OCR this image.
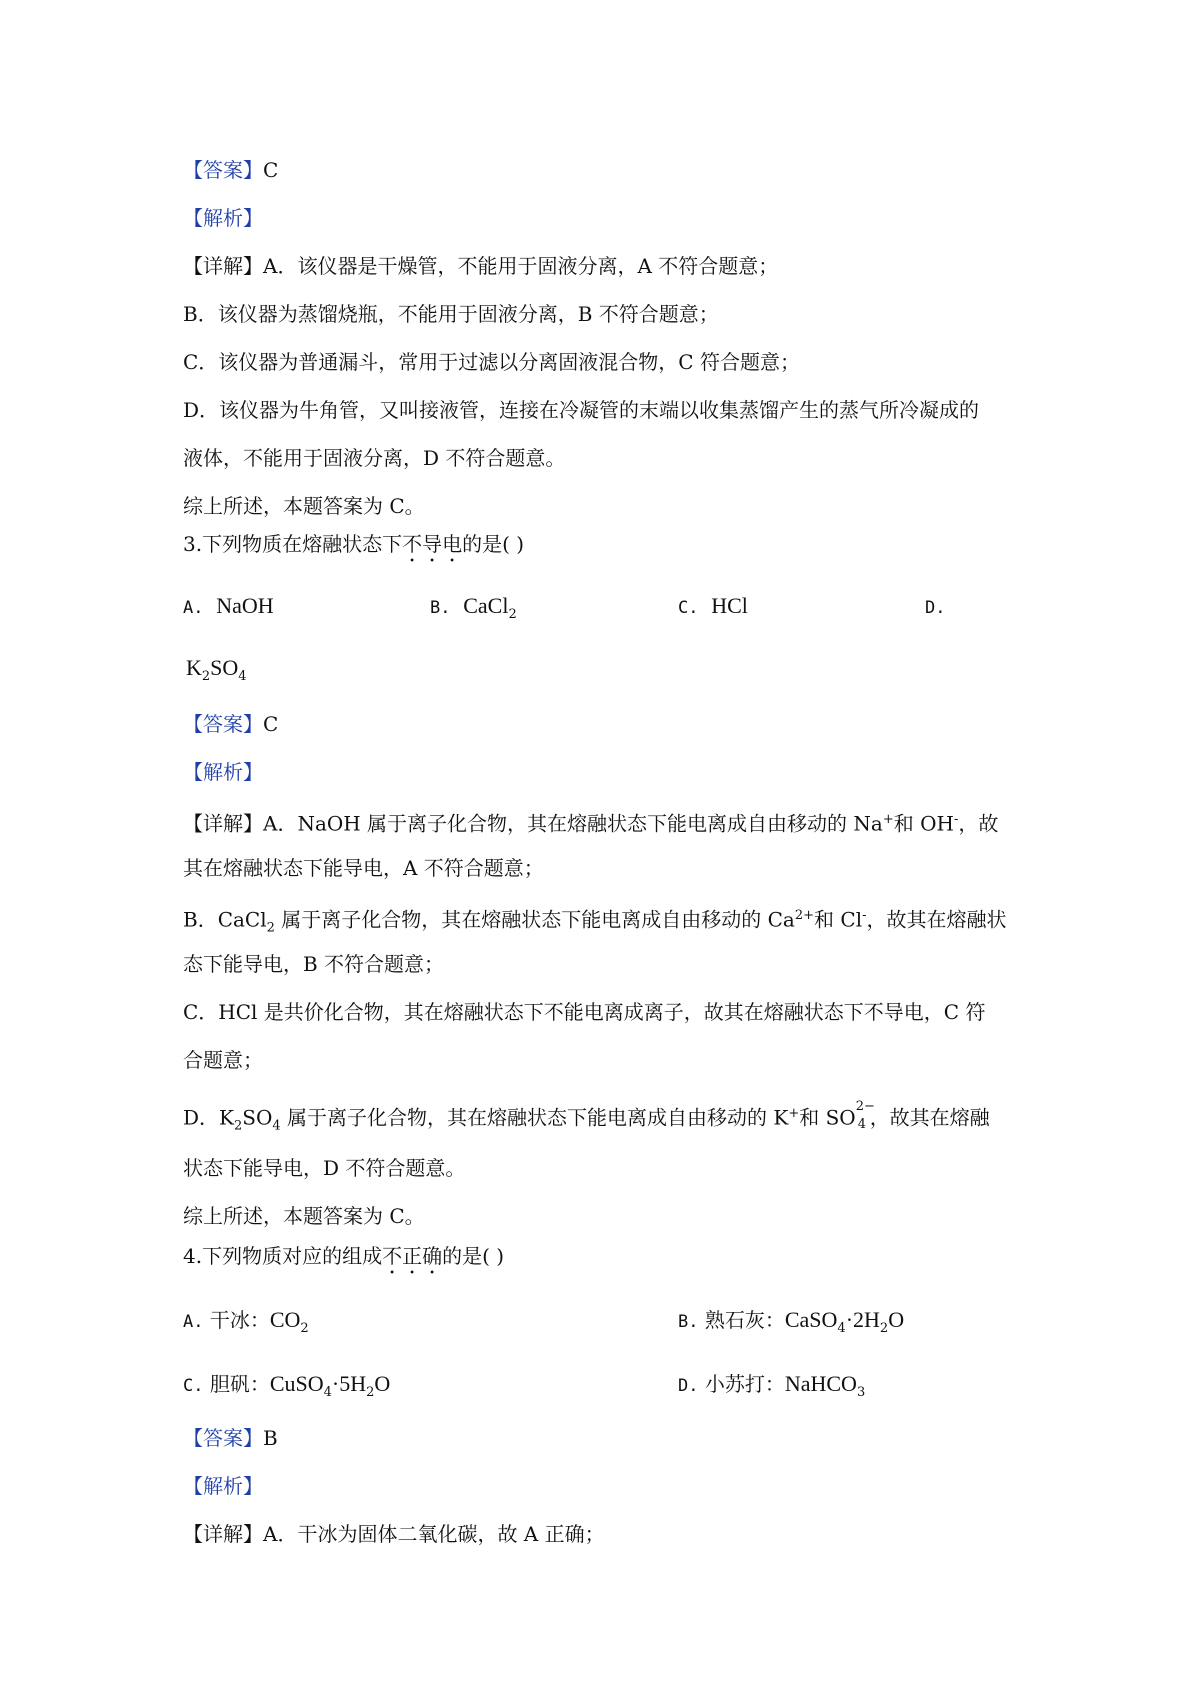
【答案】C
【解析】
【详解】A．该仪器是干燥管，不能用于固液分离，A 不符合题意；
B．该仪器为蒸馏烧瓶，不能用于固液分离，B 不符合题意；
C．该仪器为普通漏斗，常用于过滤以分离固液混合物，C 符合题意；
D．该仪器为牛角管，又叫接液管，连接在冷凝管的末端以收集蒸馏产生的蒸气所冷凝成的
液体，不能用于固液分离，D 不符合题意。
综上所述，本题答案为 C。
3.下列物质在熔融状态下不导电的是( )
A. NaOH	B. CaCl$_2$	C. HCl	D.
$K_2SO_4$
【答案】C
【解析】
【详解】A．NaOH 属于离子化合物，其在熔融状态下能电离成自由移动的 Na+和 OH-，故
其在熔融状态下能导电，A 不符合题意；
B．CaCl$_2$ 属于离子化合物，其在熔融状态下能电离成自由移动的 $Ca^{2+}$和 Cl-，故其在熔融状
态下能导电，B 不符合题意；
C．HCl 是共价化合物，其在熔融状态下不能电离成离子，故其在熔融状态下不导电，C 符
合题意；
D．$K_2SO_4$ 属于离子化合物，其在熔融状态下能电离成自由移动的 K+和 SO 2−
4 ，故其在熔融
状态下能导电，D 不符合题意。
综上所述，本题答案为 C。
4.下列物质对应的组成不正确的是( )
A. 干冰：$CO_2$	B. 熟石灰：$CaSO_4\cdot 2H_2O$
C. 胆矾：$CuSO_4\cdot 5H_2O$	D. 小苏打：NaHCO$_3$
【答案】B
【解析】
【详解】A．干冰为固体二氧化碳，故 A 正确；
